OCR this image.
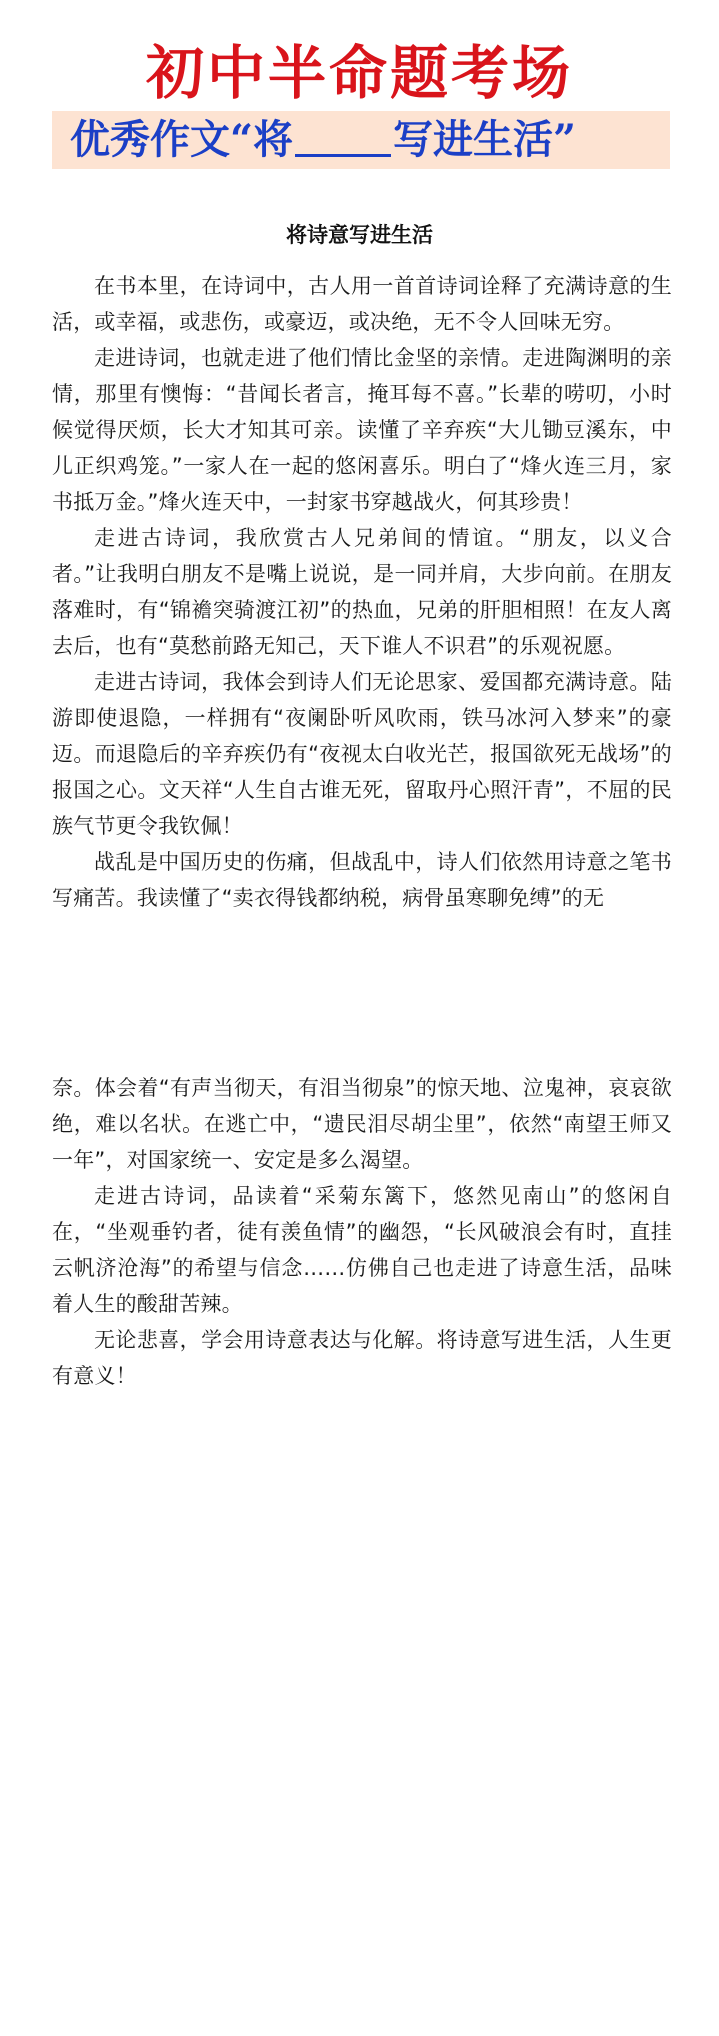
初中半命题考场
优秀作文“将	写进生活”
将诗意写进生活

在书本里，在诗词中，古人用一首首诗词诠释了充满诗意的生活，或幸福，或悲伤，或豪迈，或决绝，无不令人回味无穷。

走进诗词，也就走进了他们情比金坚的亲情。走进陶渊明的亲情，那里有懊悔：“昔闻长者言，掩耳每不喜。”长辈的唠叨，小时候觉得厌烦，长大才知其可亲。读懂了辛弃疾“大儿锄豆溪东，中儿正织鸡笼。”一家人在一起的悠闲喜乐。明白了“烽火连三月，家书抵万金。”烽火连天中，一封家书穿越战火，何其珍贵！

走进古诗词，我欣赏古人兄弟间的情谊。“朋友，以义合者。”让我明白朋友不是嘴上说说，是一同并肩，大步向前。在朋友落难时，有“锦襜突骑渡江初”的热血，兄弟的肝胆相照！在友人离去后，也有“莫愁前路无知己，天下谁人不识君”的乐观祝愿。

走进古诗词，我体会到诗人们无论思家、爱国都充满诗意。陆游即使退隐，一样拥有“夜阑卧听风吹雨，铁马冰河入梦来”的豪迈。而退隐后的辛弃疾仍有“夜视太白收光芒，报国欲死无战场”的报国之心。文天祥“人生自古谁无死，留取丹心照汗青”，不屈的民族气节更令我钦佩！

战乱是中国历史的伤痛，但战乱中，诗人们依然用诗意之笔书写痛苦。我读懂了“卖衣得钱都纳税，病骨虽寒聊免缚”的无

奈。体会着“有声当彻天，有泪当彻泉”的惊天地、泣鬼神，哀哀欲绝，难以名状。在逃亡中，“遗民泪尽胡尘里”，依然“南望王师又一年”，对国家统一、安定是多么渴望。

走进古诗词，品读着“采菊东篱下，悠然见南山”的悠闲自在，“坐观垂钓者，徒有羡鱼情”的幽怨，“长风破浪会有时，直挂云帆济沧海”的希望与信念……仿佛自己也走进了诗意生活，品味着人生的酸甜苦辣。

无论悲喜，学会用诗意表达与化解。将诗意写进生活，人生更有意义！
